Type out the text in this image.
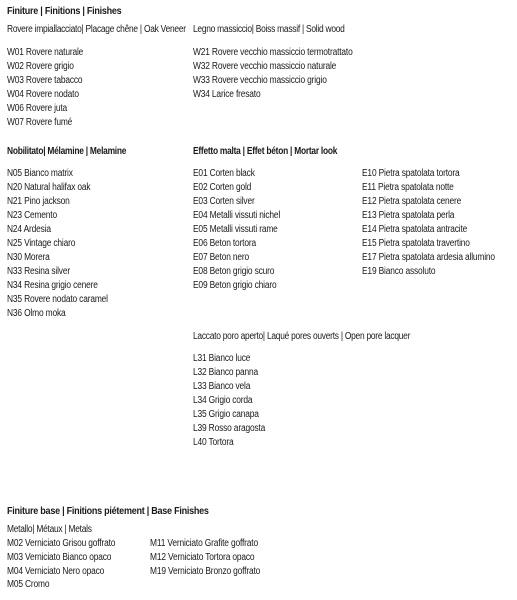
Finiture | Finitions | Finishes
Rovere impiallacciato| Placage chêne | Oak Veneer
W01 Rovere naturale
W02 Rovere grigio
W03 Rovere tabacco
W04 Rovere nodato
W06 Rovere juta
W07 Rovere fumé
Legno massiccio| Boiss massif | Solid wood
W21 Rovere vecchio massiccio termotrattato
W32 Rovere vecchio massiccio naturale
W33 Rovere vecchio massiccio grigio
W34 Larice fresato
Nobilitato| Mélamine | Melamine
N05 Bianco matrix
N20 Natural halifax oak
N21 Pino jackson
N23 Cemento
N24 Ardesia
N25 Vintage chiaro
N30 Morera
N33 Resina silver
N34 Resina grigio cenere
N35 Rovere nodato caramel
N36 Olmo moka
Effetto malta | Effet béton | Mortar look
E01 Corten black
E02 Corten gold
E03 Corten silver
E04 Metalli vissuti nichel
E05 Metalli vissuti rame
E06 Beton tortora
E07 Beton nero
E08 Beton grigio scuro
E09 Beton grigio chiaro
E10 Pietra spatolata tortora
E11 Pietra spatolata notte
E12 Pietra spatolata cenere
E13 Pietra spatolata perla
E14 Pietra spatolata antracite
E15 Pietra spatolata travertino
E17 Pietra spatolata ardesia allumino
E19 Bianco assoluto
Laccato poro aperto| Laqué pores ouverts | Open pore lacquer
L31 Bianco luce
L32 Bianco panna
L33 Bianco vela
L34 Grigio corda
L35 Grigio canapa
L39 Rosso aragosta
L40 Tortora
Finiture base | Finitions piétement | Base Finishes
Metallo| Métaux | Metals
M02 Verniciato Grisou goffrato
M03 Verniciato Bianco opaco
M04 Verniciato Nero opaco
M05 Cromo
M11 Verniciato Grafite goffrato
M12 Verniciato Tortora opaco
M19 Verniciato Bronzo goffrato
